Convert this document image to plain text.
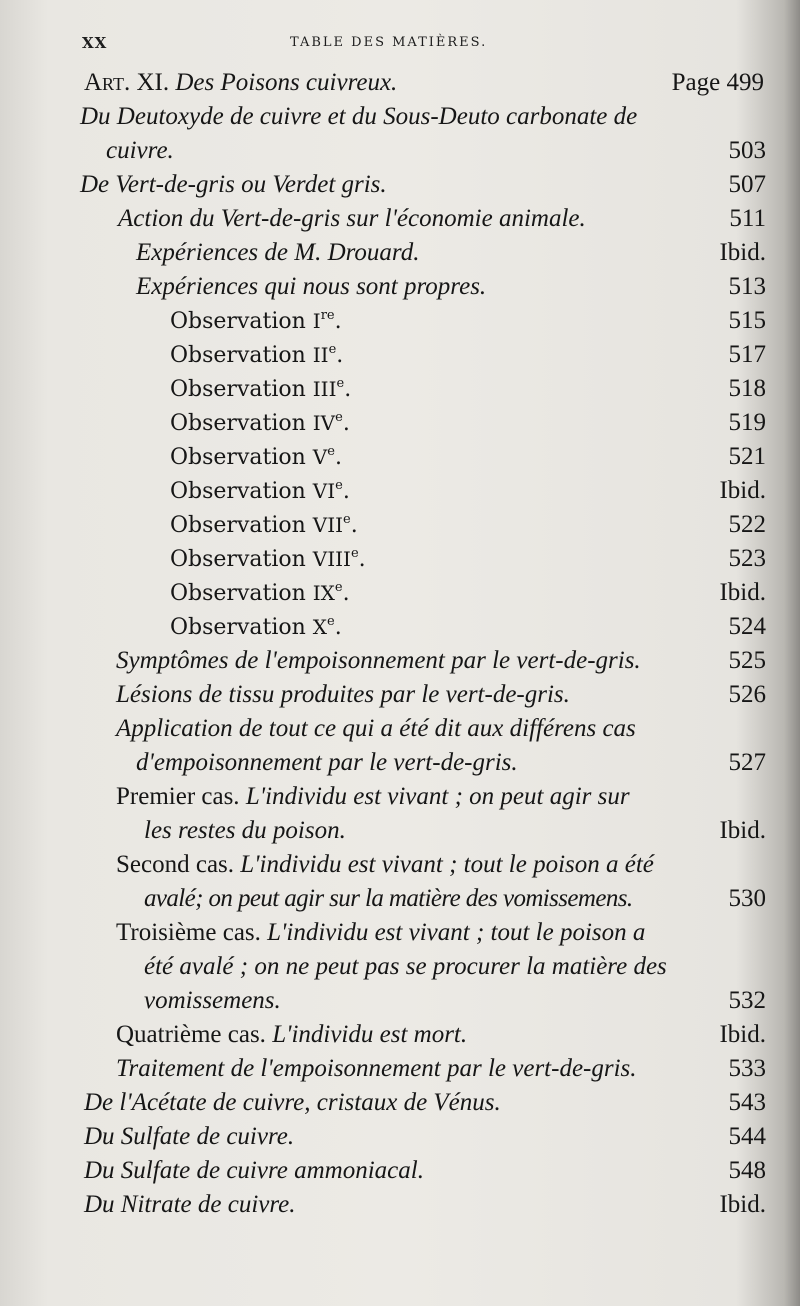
XX	TABLE DES MATIÈRES.
Art. XI. Des Poisons cuivreux.	Page 499
Du Deutoxyde de cuivre et du Sous-Deuto carbonate de
cuivre.	503
De Vert-de-gris ou Verdet gris.	507
Action du Vert-de-gris sur l'économie animale.	511
Expériences de M. Drouard.	Ibid.
Expériences qui nous sont propres.	513
Observation Ire.	515
Observation IIe.	517
Observation IIIe.	518
Observation IVe.	519
Observation Ve.	521
Observation VIe.	Ibid.
Observation VIIe.	522
Observation VIIIe.	523
Observation IXe.	Ibid.
Observation Xe.	524
Symptômes de l'empoisonnement par le vert-de-gris.	525
Lésions de tissu produites par le vert-de-gris.	526
Application de tout ce qui a été dit aux différens cas
d'empoisonnement par le vert-de-gris.	527
Premier cas. L'individu est vivant ; on peut agir sur
les restes du poison.	Ibid.
Second cas. L'individu est vivant ; tout le poison a été
avalé; on peut agir sur la matière des vomissemens.	530
Troisième cas. L'individu est vivant ; tout le poison a
été avalé ; on ne peut pas se procurer la matière des
vomissemens.	532
Quatrième cas. L'individu est mort.	Ibid.
Traitement de l'empoisonnement par le vert-de-gris.	533
De l'Acétate de cuivre, cristaux de Vénus.	543
Du Sulfate de cuivre.	544
Du Sulfate de cuivre ammoniacal.	548
Du Nitrate de cuivre.	Ibid.
